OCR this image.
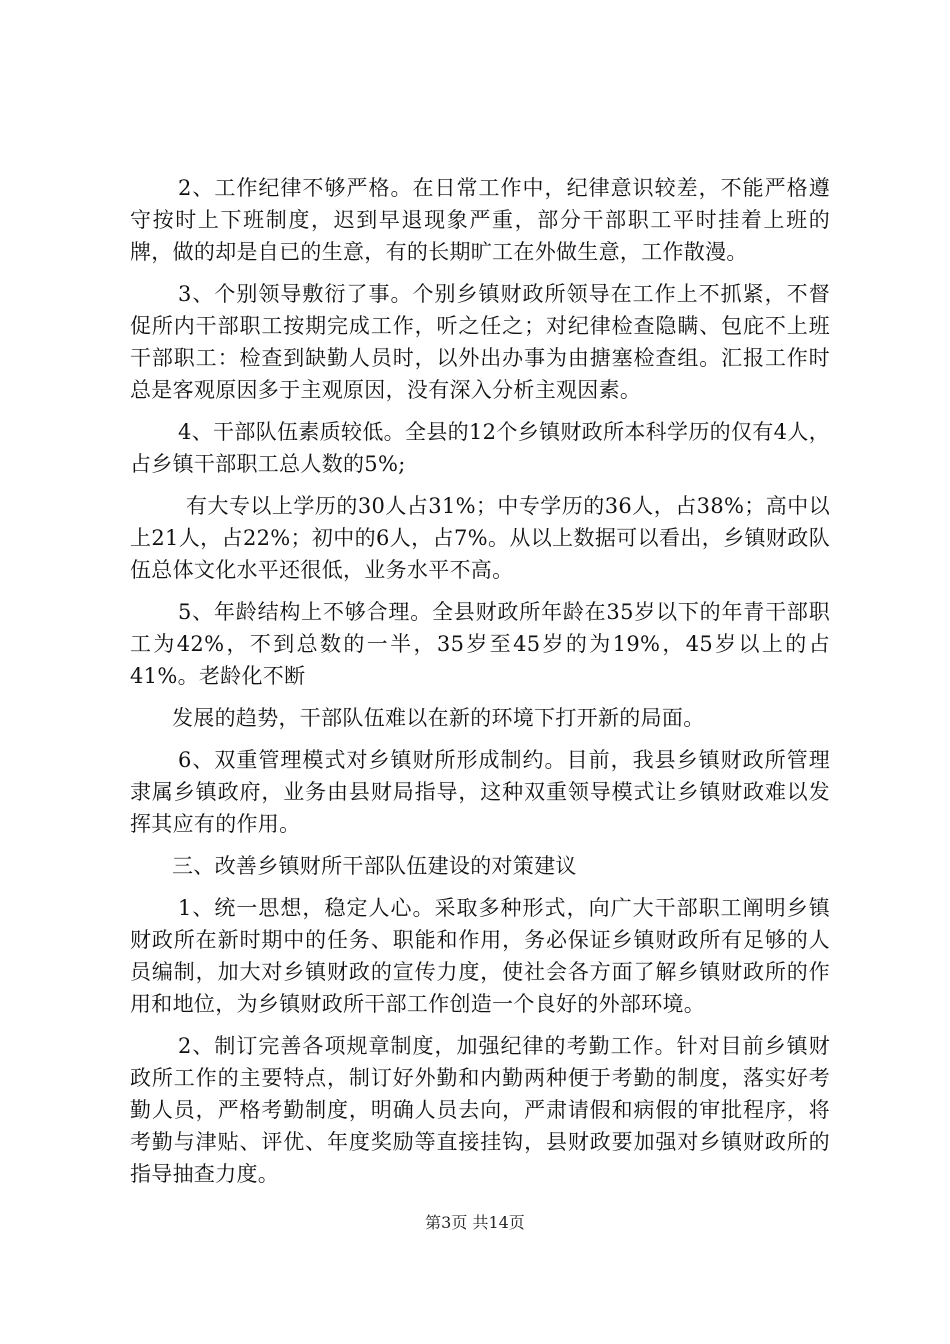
2、工作纪律不够严格。在日常工作中，纪律意识较差，不能严格遵守按时上下班制度，迟到早退现象严重，部分干部职工平时挂着上班的牌，做的却是自已的生意，有的长期旷工在外做生意，工作散漫。

3、个别领导敷衍了事。个别乡镇财政所领导在工作上不抓紧，不督促所内干部职工按期完成工作，听之任之；对纪律检查隐瞒、包庇不上班干部职工：检查到缺勤人员时，以外出办事为由搪塞检查组。汇报工作时总是客观原因多于主观原因，没有深入分析主观因素。

4、干部队伍素质较低。全县的12个乡镇财政所本科学历的仅有4人，占乡镇干部职工总人数的5%;

有大专以上学历的30人占31%；中专学历的36人，占38%；高中以上21人，占22%；初中的6人，占7%。从以上数据可以看出，乡镇财政队伍总体文化水平还很低，业务水平不高。

5、年龄结构上不够合理。全县财政所年龄在35岁以下的年青干部职工为42%，不到总数的一半，35岁至45岁的为19%，45岁以上的占41%。老龄化不断

发展的趋势，干部队伍难以在新的环境下打开新的局面。

6、双重管理模式对乡镇财所形成制约。目前，我县乡镇财政所管理隶属乡镇政府，业务由县财局指导，这种双重领导模式让乡镇财政难以发挥其应有的作用。

三、改善乡镇财所干部队伍建设的对策建议

1、统一思想，稳定人心。采取多种形式，向广大干部职工阐明乡镇财政所在新时期中的任务、职能和作用，务必保证乡镇财政所有足够的人员编制，加大对乡镇财政的宣传力度，使社会各方面了解乡镇财政所的作用和地位，为乡镇财政所干部工作创造一个良好的外部环境。

2、制订完善各项规章制度，加强纪律的考勤工作。针对目前乡镇财政所工作的主要特点，制订好外勤和内勤两种便于考勤的制度，落实好考勤人员，严格考勤制度，明确人员去向，严肃请假和病假的审批程序，将考勤与津贴、评优、年度奖励等直接挂钩，县财政要加强对乡镇财政所的指导抽查力度。

第3页 共14页
